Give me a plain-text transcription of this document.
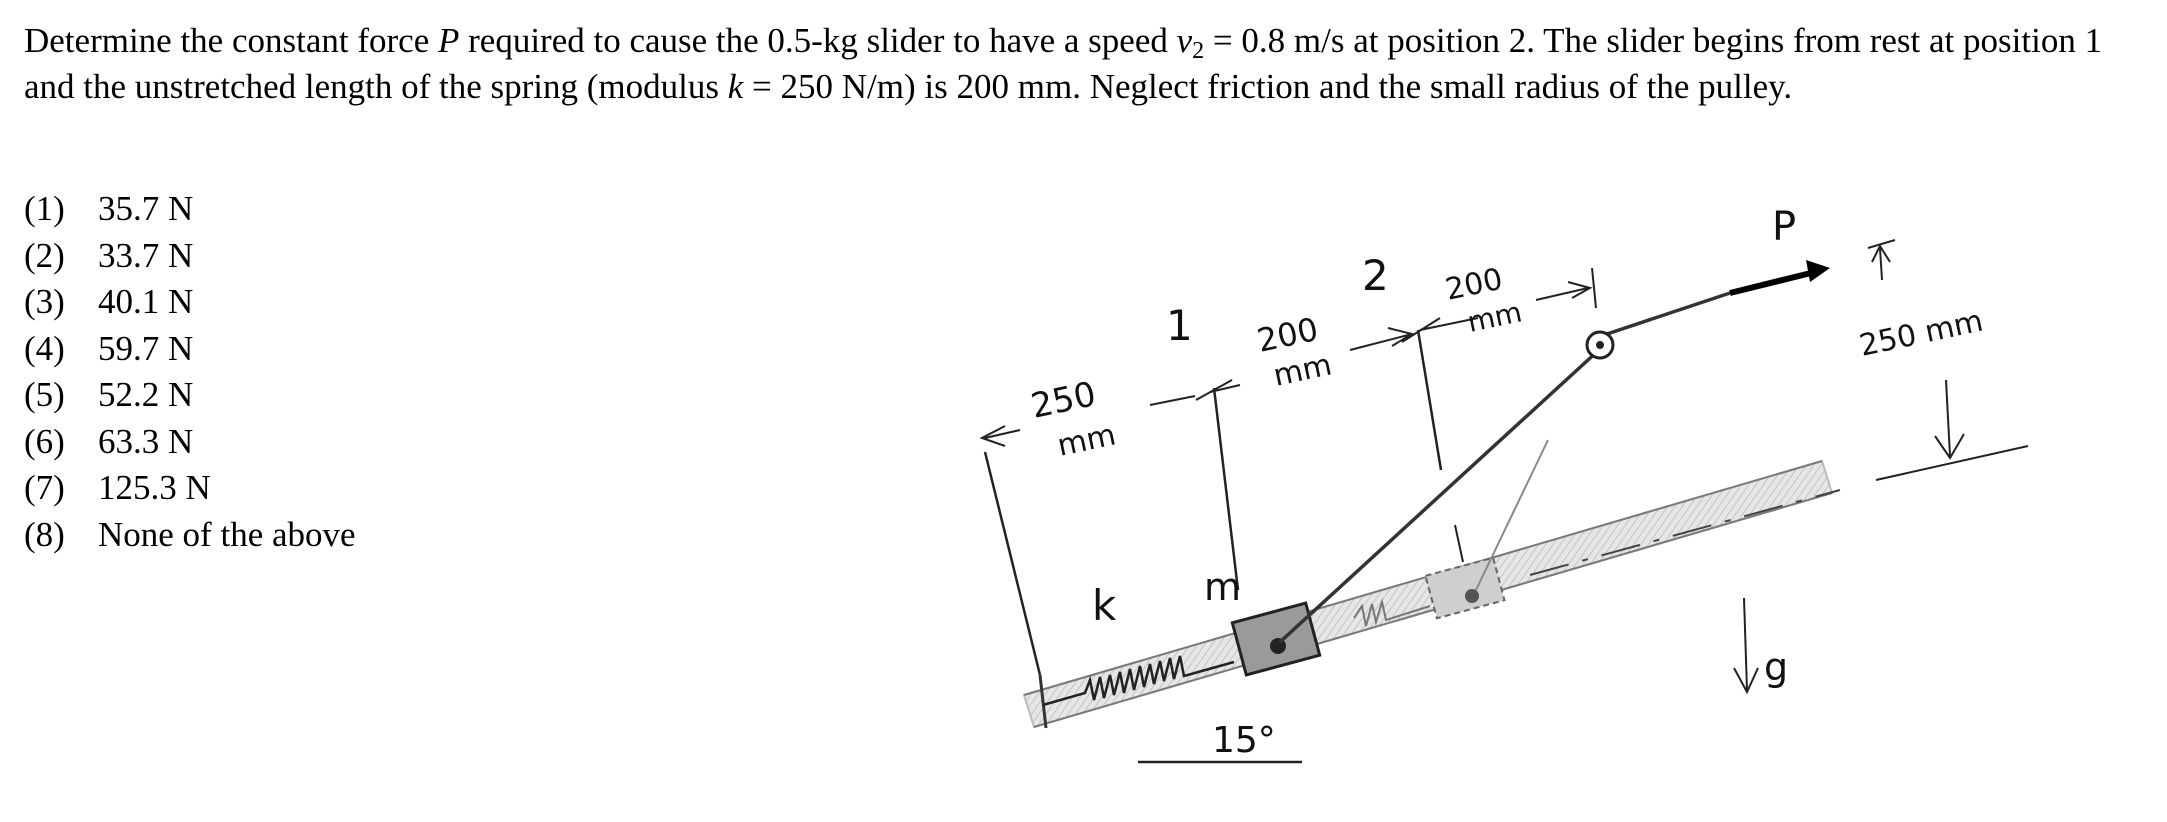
Determine the constant force P required to cause the 0.5-kg slider to have a speed $v_2 = 0.8$ m/s at position 2. The slider begins from rest at position 1 and the unstretched length of the spring (modulus k = 250 N/m) is 200 mm. Neglect friction and the small radius of the pulley.
(1) 35.7 N
(2) 33.7 N
(3) 40.1 N
(4) 59.7 N
(5) 52.2 N
(6) 63.3 N
(7) 125.3 N
(8) None of the above
P
250
mm
1
2
200
mm
200
mm	250 mm
k m
15°
g
